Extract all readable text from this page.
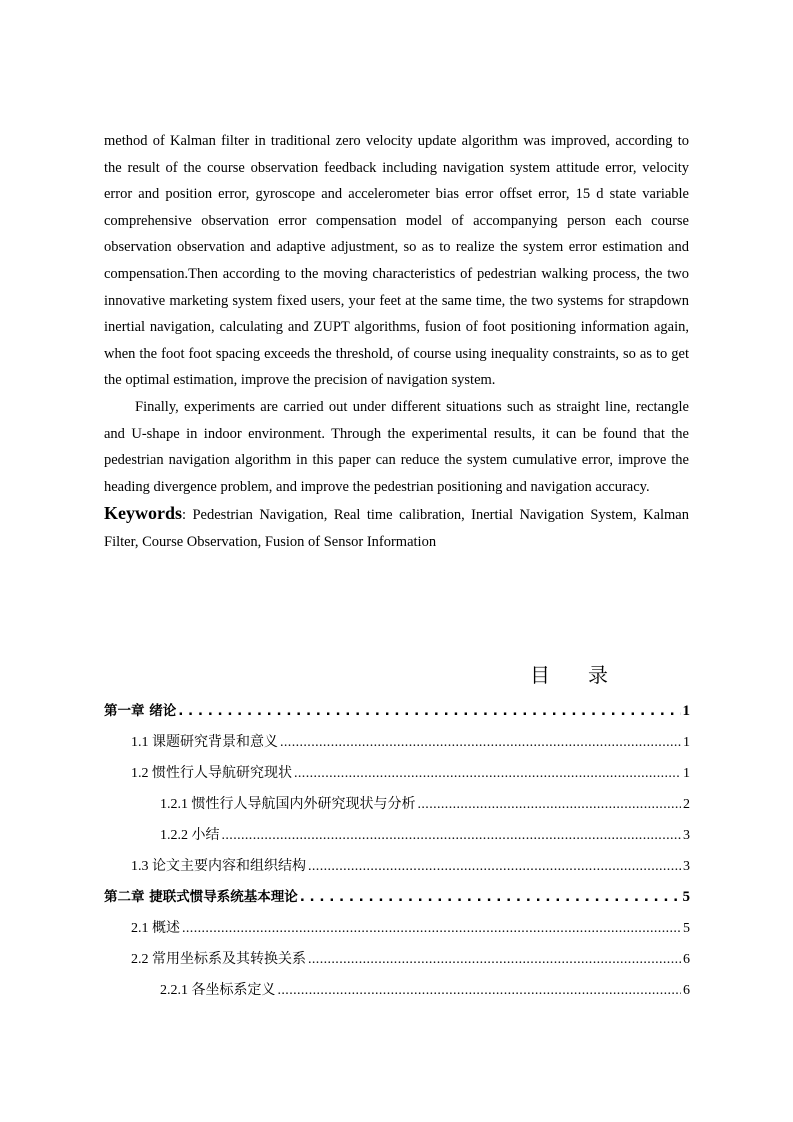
method of Kalman filter in traditional zero velocity update algorithm was improved, according to the result of the course observation feedback including navigation system attitude error, velocity error and position error, gyroscope and accelerometer bias error offset error, 15 d state variable comprehensive observation error compensation model of accompanying person each course observation observation and adaptive adjustment, so as to realize the system error estimation and compensation.Then according to the moving characteristics of pedestrian walking process, the two innovative marketing system fixed users, your feet at the same time, the two systems for strapdown inertial navigation, calculating and ZUPT algorithms, fusion of foot positioning information again, when the foot foot spacing exceeds the threshold, of course using inequality constraints, so as to get the optimal estimation, improve the precision of navigation system.

Finally, experiments are carried out under different situations such as straight line, rectangle and U-shape in indoor environment. Through the experimental results, it can be found that the pedestrian navigation algorithm in this paper can reduce the system cumulative error, improve the heading divergence problem, and improve the pedestrian positioning and navigation accuracy.

Keywords: Pedestrian Navigation, Real time calibration, Inertial Navigation System, Kalman Filter, Course Observation, Fusion of Sensor Information

目 录
第一章 绪论 . . .	1
1.1 课题研究背景和意义 .....	1
1.2 惯性行人导航研究现状 .....	1
1.2.1 惯性行人导航国内外研究现状与分析 .....	2
1.2.2 小结 .....	3
1.3 论文主要内容和组织结构 .....	3
第二章 捷联式惯导系统基本理论 . . .	5
2.1 概述 .....	5
2.2 常用坐标系及其转换关系 .....	6
2.2.1 各坐标系定义 .....	6
